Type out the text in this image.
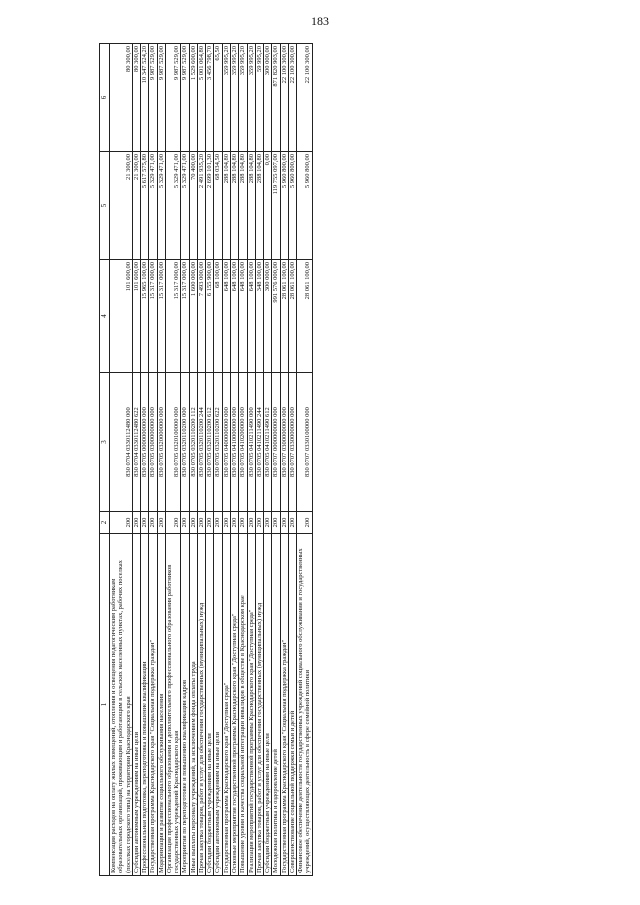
183
1	2	3	4	5	6
Компенсация расходов на оплату жилых помещений, отопления и освещения педагогическим работникам образовательных организаций, проживающим и работающим в сельских населенных пунктах, рабочих поселках (поселках городского типа) на территории Краснодарского края	200	830 0704 0330112480 000	101 600,00	21 300,00	80 300,00
Субсидии автономным учреждениям на иные цели	200	830 0704 0330112480 622	101 600,00	21 300,00	80 300,00
Профессиональная подготовка, переподготовка и повышение квалификации	200	830 0705 0000000000 000	15 965 100,00	5 617 575,80	10 347 524,20
Государственная программа Краснодарского края "Социальная поддержка граждан"	200	830 0705 0300000000 000	15 317 000,00	5 329 471,00	9 987 529,00
Модернизация и развитие социального обслуживания населения	200	830 0705 0320000000 000	15 317 000,00	5 329 471,00	9 987 529,00
Организация профессионального образования и дополнительного профессионального образования работников государственных учреждений Краснодарского края	200	830 0705 0320100000 000	15 317 000,00	5 329 471,00	9 987 529,00
Мероприятия по переподготовке и повышению квалификации кадров	200	830 0705 0320110200 000	15 317 000,00	5 329 471,00	9 987 529,00
Иные выплаты персоналу учреждений, за исключением фонда оплаты труда	200	830 0705 0320110200 112	1 600 000,00	70 400,00	1 529 600,00
Прочая закупка товаров, работ и услуг для обеспечения государственных (муниципальных) нужд	200	830 0705 0320110200 244	7 493 000,00	2 491 935,20	5 001 064,80
Субсидии бюджетным учреждениям на иные цели	200	830 0705 0320110200 612	6 155 900,00	2 699 101,30	3 456 798,70
Субсидии автономным учреждениям на иные цели	200	830 0705 0320110200 622	68 100,00	68 034,50	65,50
Государственная программа Краснодарского края "Доступная среда"	200	830 0705 0400000000 000	648 100,00	288 104,80	359 995,20
Основные мероприятия государственной программы Краснодарского края "Доступная среда"	200	830 0705 0410000000 000	648 100,00	288 104,80	359 995,20
Повышение уровня и качества социальной интеграции инвалидов в обществе в Краснодарском крае	200	830 0705 0410200000 000	648 100,00	288 104,80	359 995,20
Реализация мероприятий государственной программы Краснодарского края "Доступная среда"	200	830 0705 0410211490 000	648 100,00	288 104,80	359 995,20
Прочая закупка товаров, работ и услуг для обеспечения государственных (муниципальных) нужд	200	830 0705 0410211490 244	348 100,00	288 104,80	59 995,20
Субсидии бюджетным учреждениям на иные цели	200	830 0705 0410211490 612	300 000,00	0,00	300 000,00
Молодежная политика и оздоровление детей	200	830 0707 0000000000 000	991 576 000,00	119 755 097,00	871 820 903,00
Государственная программа Краснодарского края "Социальная поддержка граждан"	200	830 0707 0300000000 000	28 061 100,00	5 960 800,00	22 100 300,00
Совершенствование социальной поддержки семьи и детей	200	830 0707 0330000000 000	28 061 100,00	5 960 800,00	22 100 300,00
Финансовое обеспечение деятельности государственных учреждений социального обслуживания и государственных учреждений, осуществляющих деятельность в сфере семейной политики	200	830 0707 0330100000 000	28 061 100,00	5 960 800,00	22 100 300,00
